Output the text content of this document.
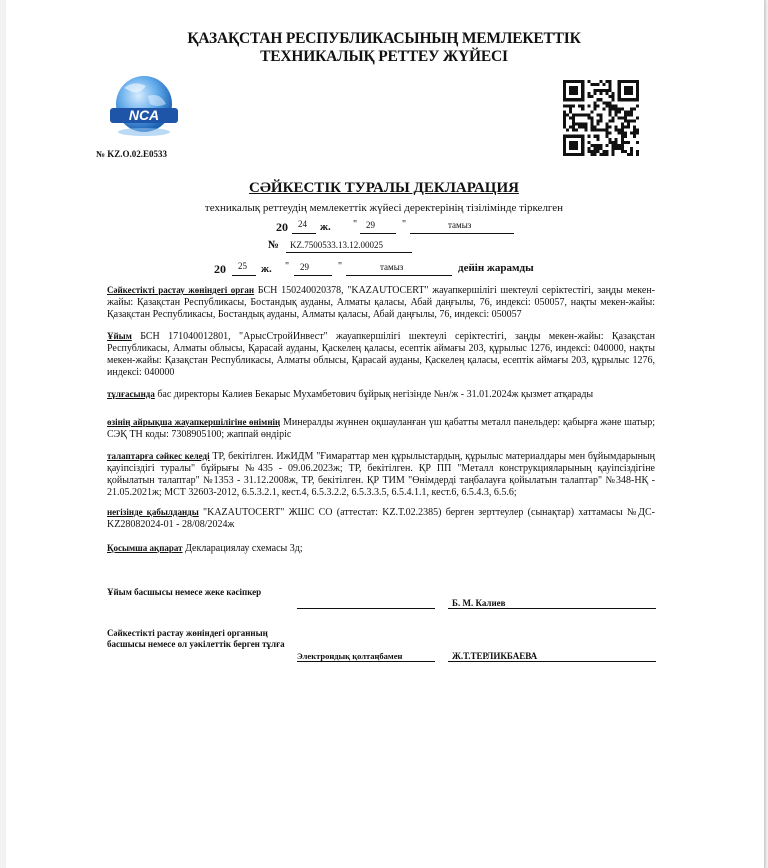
ҚАЗАҚСТАН РЕСПУБЛИКАСЫНЫҢ МЕМЛЕКЕТТІК
ТЕХНИКАЛЫҚ РЕТТЕУ ЖҮЙЕСІ
NCA
№ KZ.О.02.Е0533
СӘЙКЕСТІК ТУРАЛЫ ДЕКЛАРАЦИЯ
техникалық реттеудің мемлекеттік жүйесі деректерінің тізілімінде тіркелген
20 24 ж. " 29	"	тамыз
№ KZ.7500533.13.12.00025
20 25 ж. " 29	"	тамыз	дейін жарамды
Сәйкестікті растау жөніндегі орган БСН 150240020378, "KAZAUTOCERT" жауапкершілігі шектеулі серіктестігі, заңды мекен-жайы: Қазақстан Республикасы, Бостандық ауданы, Алматы қаласы, Абай даңғылы, 76, индексі: 050057, нақты мекен-жайы: Қазақстан Республикасы, Бостандық ауданы, Алматы қаласы, Абай даңғылы, 76, индексі: 050057
Ұйым БСН 171040012801, "АрысСтройИнвест" жауапкершілігі шектеулі серіктестігі, заңды мекен-жайы: Қазақстан Республикасы, Алматы облысы, Қарасай ауданы, Қаскелең қаласы, есептік аймағы 203, құрылыс 1276, индексі: 040000, нақты мекен-жайы: Қазақстан Республикасы, Алматы облысы, Қарасай ауданы, Қаскелең қаласы, есептік аймағы 203, құрылыс 1276, индексі: 040000
тұлғасында бас директоры Калиев Бекарыс Мухамбетович бұйрық негізінде №н/ж - 31.01.2024ж қызмет атқарады
өзінің айрықша жауапкершілігіне өнімнің Минералды жүннен оқшауланған үш қабатты металл панельдер: қабырға және шатыр; СЭҚ ТН коды: 7308905100; жаппай өндіріс
талаптарға сәйкес келеді ТР, бекітілген. ИжИДМ "Ғимараттар мен құрылыстардың, құрылыс материалдары мен бұйымдарының қауіпсіздігі туралы" бұйрығы №435 - 09.06.2023ж; ТР, бекітілген. ҚР ПП "Металл конструкцияларының қауіпсіздігіне қойылатын талаптар" №1353 - 31.12.2008ж, ТР, бекітілген. ҚР ТИМ "Өнімдерді таңбалауға қойылатын талаптар" №348-НҚ - 21.05.2021ж; МСТ 32603-2012, 6.5.3.2.1, кест.4, 6.5.3.2.2, 6.5.3.3.5, 6.5.4.1.1, кест.6, 6.5.4.3, 6.5.6;
негізінде қабылданды "KAZAUTOCERT" ЖШС СО (аттестат: KZ.Т.02.2385) берген зерттеулер (сынақтар) хаттамасы №ДС-KZ28082024-01 - 28/08/2024ж
Қосымша ақпарат Декларациялау схемасы 3д;
Ұйым басшысы немесе жеке кәсіпкер
Б. М. Калиев
Сәйкестікті растау жөніндегі органның басшысы немесе ол уәкілеттік берген тұлға
Электрондық қолтаңбамен	Ж.Т.ТЕРЛИКБАЕВА
